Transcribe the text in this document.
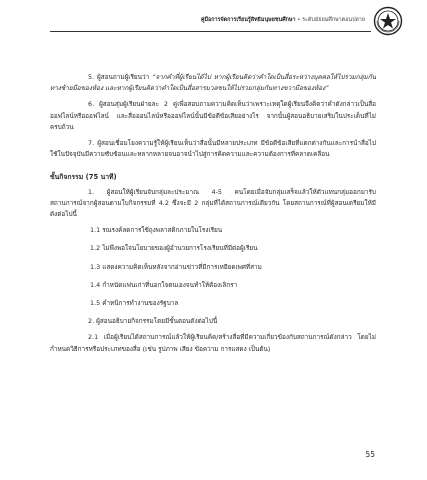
คู่มือการจัดการเรียนรู้สิทธิมนุษยชนศึกษา • ระดับมัธยมศึกษาตอนปลาย

5. ผู้สอนถามผู้เรียนว่า “จากคำที่ผู้เรียนได้ไป หากผู้เรียนคิดว่าคำใดเป็นสื่อระหว่างบุคคลให้ไปรวมกลุ่มกันทางซ้ายมือของห้อง และหากผู้เรียนคิดว่าคำใดเป็นสื่อสารมวลชนให้ไปรวมกลุ่มกันทางขวามือของห้อง”

6. ผู้สอนสุ่มผู้เรียนฝ่ายละ 2 คู่เพื่อสอบถามความคิดเห็นว่าเพราะเหตุใดผู้เรียนจึงคิดว่าคำดังกล่าวเป็นสื่อออฟไลน์หรือออฟไลน์ และสื่อออนไลน์หรือออฟไลน์นั้นมีข้อดีข้อเสียอย่างไร จากนั้นผู้สอนอธิบายเสริมในประเด็นที่ไม่ครบถ้วน

7. ผู้สอนเชื่อมโยงความรู้ให้ผู้เรียนเห็นว่าสื่อนั้นมีหลายประเภท มีข้อดีข้อเสียที่แตกต่างกันและการนำสื่อไปใช้ในปัจจุบันมีความซับซ้อนและหลากหลายจนอาจนำไปสู่การคิดความและความต้องการที่คลาดเคลื่อน

ขั้นกิจกรรม (75 นาที)

1. ผู้สอนให้ผู้เรียนจับกลุ่มละประมาณ 4-5 คนโดยเมื่อจับกลุ่มเสร็จแล้วให้ตัวแทนกลุ่มออกมารับสถานการณ์จากผู้สอนตามใบกิจกรรมที่ 4.2 ซึ่งจะมี 2 กลุ่มที่ได้สถานการณ์เดียวกัน โดยสถานการณ์ที่ผู้สอนเตรียมให้มีดังต่อไปนี้

1.1 รณรงค์ลดการใช้ถุงพลาสติกภายในโรงเรียน
1.2 ไม่พึงพอใจนโยบายของผู้อำนวยการโรงเรียนที่มีต่อผู้เรียน
1.3 แสดงความคิดเห็นหลังจากอ่านข่าวที่มีการเหยียดเพศที่สาม
1.4 กำหนัดแฟนเก่าที่นอกใจตนเองจนทำให้ต้องเลิกรา
1.5 คำหนิการทำงานของรัฐบาล

2. ผู้สอนอธิบายกิจกรรมโดยมีขั้นตอนดังต่อไปนี้

2.1 เมื่อผู้เรียนได้สถานการณ์แล้วให้ผู้เรียนคิด/สร้างสื่อที่มีความเกี่ยวข้องกับสถานการณ์ดังกล่าว โดยไม่กำหนดวิธีการหรือประเภทของสื่อ (เช่น รูปภาพ เสียง ข้อความ การแสดง เป็นต้น)

55
